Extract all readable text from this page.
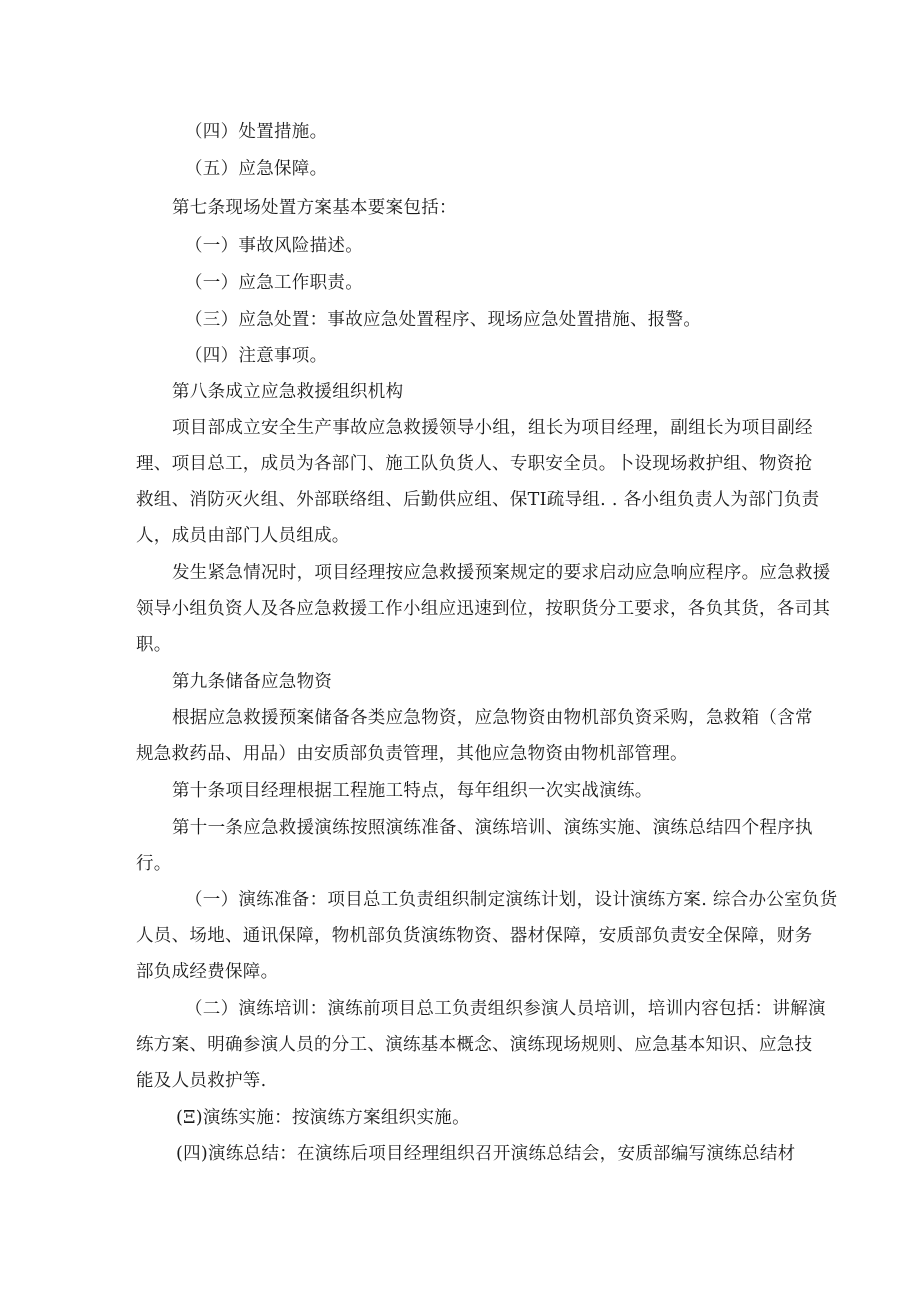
（四）处置措施。
（五）应急保障。
第七条现场处置方案基本要案包括：
（一）事故风险描述。
（一）应急工作职责。
（三）应急处置：事故应急处置程序、现场应急处置措施、报警。
（四）注意事项。
第八条成立应急救援组织机构
项目部成立安全生产事故应急救援领导小组，组长为项目经理，副组长为项目副经
理、项目总工，成员为各部门、施工队负货人、专职安全员。卜设现场救护组、物资抢
救组、消防灭火组、外部联络组、后勤供应组、保TI疏导组. . 各小组负责人为部门负责
人，成员由部门人员组成。
发生紧急情况时，项目经理按应急救援预案规定的要求启动应急响应程序。应急救援
领导小组负资人及各应急救援工作小组应迅速到位，按职货分工要求，各负其货，各司其
职。
第九条储备应急物资
根据应急救援预案储备各类应急物资，应急物资由物机部负资采购，急救箱（含常
规急救药品、用品）由安质部负责管理，其他应急物资由物机部管理。
第十条项目经理根据工程施工特点，每年组织一次实战演练。
第十一条应急救援演练按照演练准备、演练培训、演练实施、演练总结四个程序执
行。
（一）演练准备：项目总工负责组织制定演练计划，设计演练方案. 综合办公室负货
人员、场地、通讯保障，物机部负货演练物资、器材保障，安质部负责安全保障，财务
部负成经费保障。
（二）演练培训：演练前项目总工负责组织参演人员培训，培训内容包括：讲解演
练方案、明确参演人员的分工、演练基本概念、演练现场规则、应急基本知识、应急技
能及人员救护等.
(Ξ)演练实施：按演练方案组织实施。
(四)演练总结：在演练后项目经理组织召开演练总结会，安质部编写演练总结材
